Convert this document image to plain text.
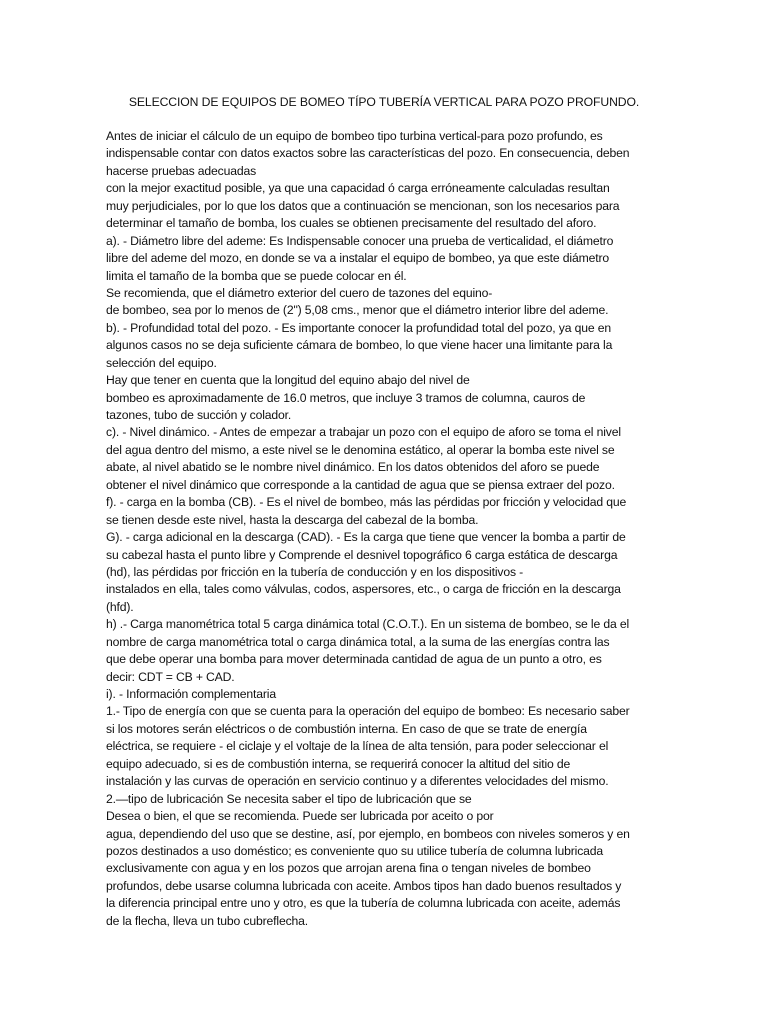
SELECCION DE EQUIPOS DE BOMEO TÍPO TUBERÍA VERTICAL PARA POZO PROFUNDO.
Antes de iniciar el cálculo de un equipo de bombeo tipo turbina vertical-para pozo profundo, es
indispensable contar con datos exactos sobre las características del pozo. En consecuencia, deben
hacerse pruebas adecuadas
con la mejor exactitud posible, ya que una capacidad ó carga erróneamente calculadas resultan
muy perjudiciales, por lo que los datos que a continuación se mencionan, son los necesarios para
determinar el tamaño de bomba, los cuales se obtienen precisamente del resultado del aforo.
a). - Diámetro libre del ademe: Es Indispensable conocer una prueba de verticalidad, el diámetro
libre del ademe del mozo, en donde se va a instalar el equipo de bombeo, ya que este diámetro
limita el tamaño de la bomba que se puede colocar en él.
Se recomienda, que el diámetro exterior del cuero de tazones del equino-
de bombeo, sea por lo menos de (2") 5,08 cms., menor que el diámetro interior libre del ademe.
b). - Profundidad total del pozo. - Es importante conocer la profundidad total del pozo, ya que en
algunos casos no se deja suficiente cámara de bombeo, lo que viene hacer una limitante para la
selección del equipo.
Hay que tener en cuenta que la longitud del equino abajo del nivel de
bombeo es aproximadamente de 16.0 metros, que incluye 3 tramos de columna, cauros de
tazones, tubo de succión y colador.
c). - Nivel dinámico. - Antes de empezar a trabajar un pozo con el equipo de aforo se toma el nivel
del agua dentro del mismo, a este nivel se le denomina estático, al operar la bomba este nivel se
abate, al nivel abatido se le nombre nivel dinámico. En los datos obtenidos del aforo se puede
obtener el nivel dinámico que corresponde a la cantidad de agua que se piensa extraer del pozo.
f). - carga en la bomba (CB). - Es el nivel de bombeo, más las pérdidas por fricción y velocidad que
se tienen desde este nivel, hasta la descarga del cabezal de la bomba.
G). - carga adicional en la descarga (CAD). - Es la carga que tiene que vencer la bomba a partir de
su cabezal hasta el punto libre y Comprende el desnivel topográfico 6 carga estática de descarga
(hd), las pérdidas por fricción en la tubería de conducción y en los dispositivos -
instalados en ella, tales como válvulas, codos, aspersores, etc., o carga de fricción en la descarga
(hfd).
h) .- Carga manométrica total 5 carga dinámica total (C.O.T.). En un sistema de bombeo, se le da el
nombre de carga manométrica total o carga dinámica total, a la suma de las energías contra las
que debe operar una bomba para mover determinada cantidad de agua de un punto a otro, es
decir: CDT = CB + CAD.
i). - Información complementaria
1.- Tipo de energía con que se cuenta para la operación del equipo de bombeo: Es necesario saber
si los motores serán eléctricos o de combustión interna. En caso de que se trate de energía
eléctrica, se requiere - el ciclaje y el voltaje de la línea de alta tensión, para poder seleccionar el
equipo adecuado, si es de combustión interna, se requerirá conocer la altitud del sitio de
instalación y las curvas de operación en servicio continuo y a diferentes velocidades del mismo.
2.—tipo de lubricación Se necesita saber el tipo de lubricación que se
Desea o bien, el que se recomienda. Puede ser lubricada por aceito o por
agua, dependiendo del uso que se destine, así, por ejemplo, en bombeos con niveles someros y en
pozos destinados a uso doméstico; es conveniente quo su utilice tubería de columna lubricada
exclusivamente con agua y en los pozos que arrojan arena fina o tengan niveles de bombeo
profundos, debe usarse columna lubricada con aceite. Ambos tipos han dado buenos resultados y
la diferencia principal entre uno y otro, es que la tubería de columna lubricada con aceite, además
de la flecha, lleva un tubo cubreflecha.
